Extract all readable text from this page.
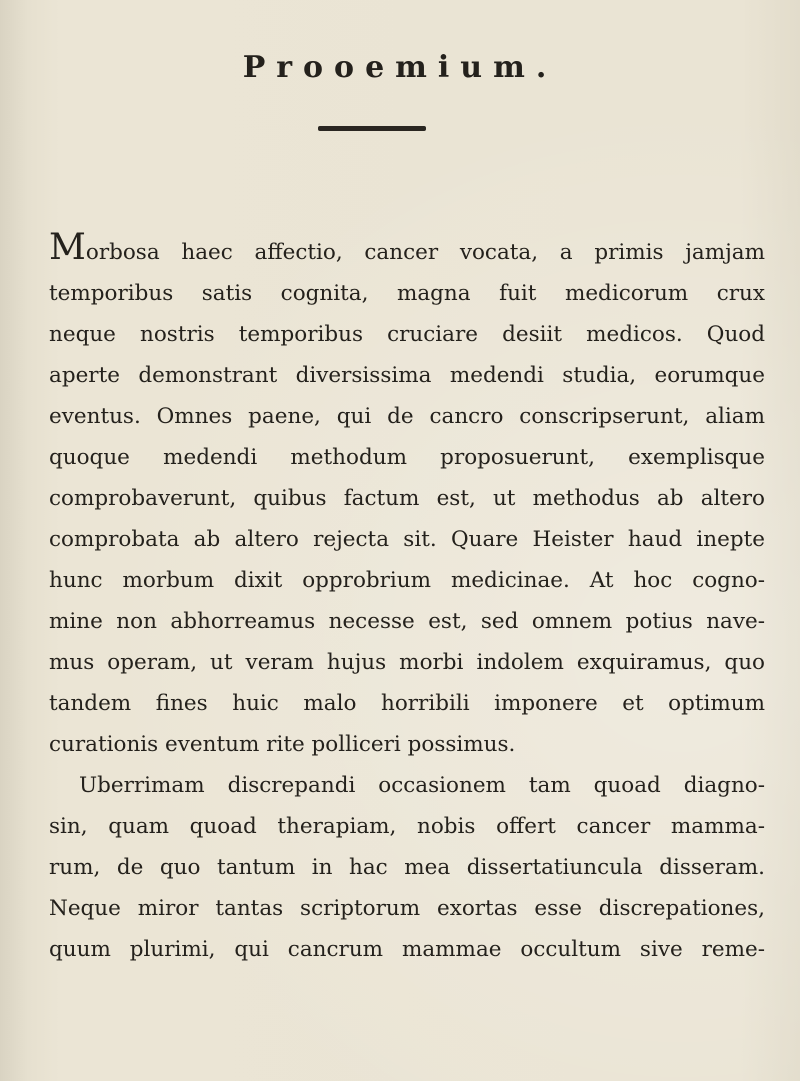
Prooemium.
Morbosa haec affectio, cancer vocata, a primis jamjam
temporibus satis cognita, magna fuit medicorum crux
neque nostris temporibus cruciare desiit medicos. Quod
aperte demonstrant diversissima medendi studia, eorumque
eventus. Omnes paene, qui de cancro conscripserunt, aliam
quoque medendi methodum proposuerunt, exemplisque
comprobaverunt, quibus factum est, ut methodus ab altero
comprobata ab altero rejecta sit. Quare Heister haud inepte
hunc morbum dixit opprobrium medicinae. At hoc cogno-
mine non abhorreamus necesse est, sed omnem potius nave-
mus operam, ut veram hujus morbi indolem exquiramus, quo
tandem fines huic malo horribili imponere et optimum
curationis eventum rite polliceri possimus.
Uberrimam discrepandi occasionem tam quoad diagno-
sin, quam quoad therapiam, nobis offert cancer mamma-
rum, de quo tantum in hac mea dissertatiuncula disseram.
Neque miror tantas scriptorum exortas esse discrepationes,
quum plurimi, qui cancrum mammae occultum sive reme-
